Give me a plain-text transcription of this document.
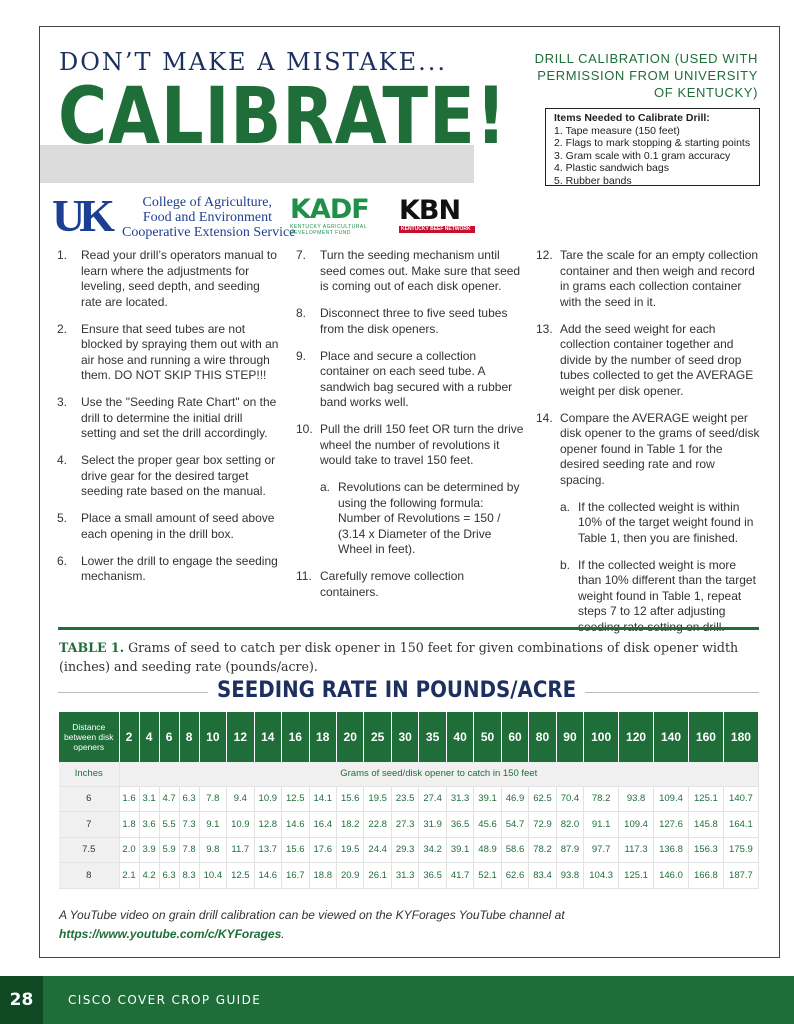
DON’T MAKE A MISTAKE...
CALIBRATE!
DRILL CALIBRATION (USED WITH PERMISSION FROM UNIVERSITY OF KENTUCKY)
Items Needed to Calibrate Drill:
1. Tape measure (150 feet)
2. Flags to mark stopping & starting points
3. Gram scale with 0.1 gram accuracy
4. Plastic sandwich bags
5. Rubber bands
UK	College of Agriculture,
Food and Environment
Cooperative Extension Service
KADF
KENTUCKY AGRICULTURAL DEVELOPMENT FUND
KBN
KENTUCKY BEEF NETWORK
1.	Read your drill’s operators manual to learn where the adjustments for leveling, seed depth, and seeding rate are located.
2.	Ensure that seed tubes are not blocked by spraying them out with an air hose and running a wire through them. DO NOT SKIP THIS STEP!!!
3.	Use the "Seeding Rate Chart" on the drill to determine the initial drill setting and set the drill accordingly.
4.	Select the proper gear box setting or drive gear for the desired target seeding rate based on the manual.
5.	Place a small amount of seed above each opening in the drill box.
6.	Lower the drill to engage the seeding mechanism.
7.	Turn the seeding mechanism until seed comes out. Make sure that seed is coming out of each disk opener.
8.	Disconnect three to five seed tubes from the disk openers.
9.	Place and secure a collection container on each seed tube. A sandwich bag secured with a rubber band works well.
10. Pull the drill 150 feet OR turn the drive wheel the number of revolutions it would take to travel 150 feet.
a. Revolutions can be determined by using the following formula: Number of Revolutions = 150 / (3.14 x Diameter of the Drive Wheel in feet).
11. Carefully remove collection containers.
12. Tare the scale for an empty collection container and then weigh and record in grams each collection container with the seed in it.
13. Add the seed weight for each collection container together and divide by the number of seed drop tubes collected to get the AVERAGE weight per disk opener.
14. Compare the AVERAGE weight per disk opener to the grams of seed/disk opener found in Table 1 for the desired seeding rate and row spacing.
a. If the collected weight is within 10% of the target weight found in Table 1, then you are finished.
b. If the collected weight is more than 10% different than the target weight found in Table 1, repeat steps 7 to 12 after adjusting
TABLE 1. Grams of seed to catch per disk opener in 150 feet for given combinations of disk opener width (inches) and seeding rate (pounds/acre).
SEEDING RATE IN POUNDS/ACRE
Distance between disk openers	2	4	6	8	10	12	14	16	18	20	25	30	35	40	50	60	80	90	100	120	140	160	180
Inches	Grams of seed/disk opener to catch in 150 feet																						
6	1.6	3.1	4.7	6.3	7.8	9.4	10.9	12.5	14.1	15.6	19.5	23.5	27.4	31.3	39.1	46.9	62.5	70.4	78.2	93.8	109.4	125.1	140.7
7	1.8	3.6	5.5	7.3	9.1	10.9	12.8	14.6	16.4	18.2	22.8	27.3	31.9	36.5	45.6	54.7	72.9	82.0	91.1	109.4	127.6	145.8	164.1
7.5	2.0	3.9	5.9	7.8	9.8	11.7	13.7	15.6	17.6	19.5	24.4	29.3	34.2	39.1	48.9	58.6	78.2	87.9	97.7	117.3	136.8	156.3	175.9
8	2.1	4.2	6.3	8.3	10.4	12.5	14.6	16.7	18.8	20.9	26.1	31.3	36.5	41.7	52.1	62.6	83.4	93.8	104.3	125.1	146.0	166.8	187.7
A YouTube video on grain drill calibration can be viewed on the KYForages YouTube channel at https://www.youtube.com/c/KYForages.
28	CISCO COVER CROP GUIDE
